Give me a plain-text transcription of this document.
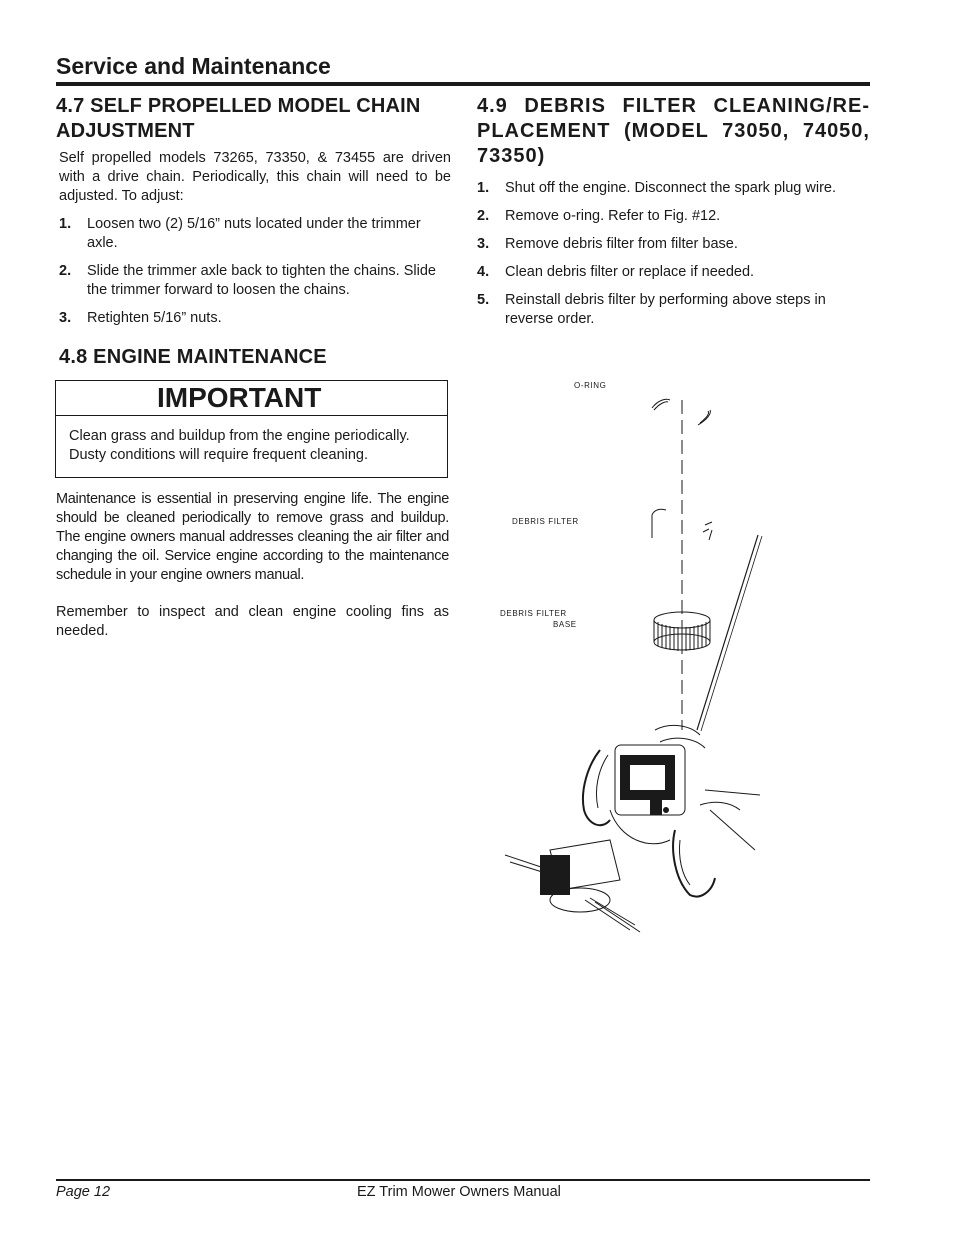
Service and Maintenance
4.7 SELF PROPELLED MODEL CHAIN ADJUSTMENT

Self propelled models 73265, 73350, & 73455 are driven with a drive chain. Periodically, this chain will need to be adjusted. To adjust:

1.	Loosen two (2) 5/16” nuts located under the trimmer axle.
2.	Slide the trimmer axle back to tighten the chains. Slide the trimmer forward to loosen the chains.
3.	Retighten 5/16” nuts.
4.8 ENGINE MAINTENANCE
IMPORTANT
Clean grass and buildup from the engine periodically. Dusty conditions will require frequent cleaning.

Maintenance is essential in preserving engine life. The engine should be cleaned periodically to remove grass and buildup. The engine owners manual addresses cleaning the air filter and changing the oil. Service engine according to the maintenance schedule in your engine owners manual.

Remember to inspect and clean engine cooling fins as needed.

4.9 DEBRIS FILTER CLEANING/RE-PLACEMENT (MODEL 73050, 74050, 73350)
1.	Shut off the engine. Disconnect the spark plug wire.
2.	Remove o-ring. Refer to Fig. #12.
3.	Remove debris filter from filter base.
4.	Clean debris filter or replace if needed.
5.	Reinstall debris filter by performing above steps in reverse order.
O-RING
DEBRIS FILTER
DEBRIS FILTER
BASE
Page 12	EZ Trim Mower Owners Manual
